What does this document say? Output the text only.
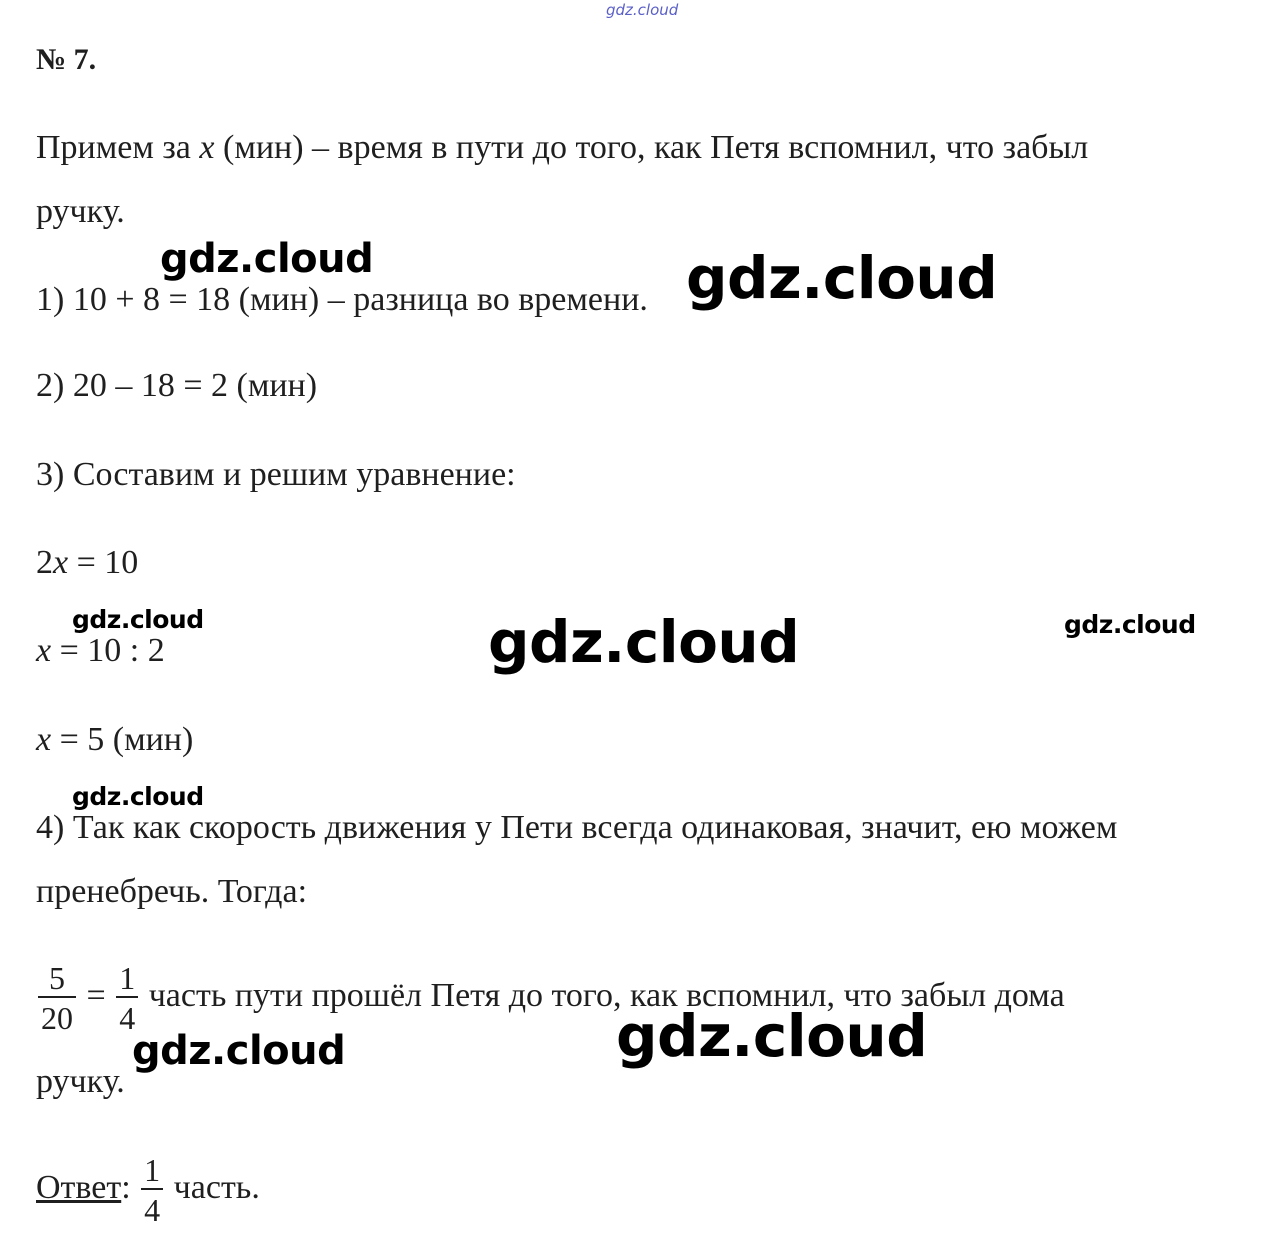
gdz.cloud
№ 7.
Примем за x (мин) – время в пути до того, как Петя вспомнил, что забыл
ручку.
1) 10 + 8 = 18 (мин) – разница во времени.
2) 20 – 18 = 2 (мин)
3) Составим и решим уравнение:
2x = 10
x = 10 : 2
x = 5 (мин)
4) Так как скорость движения у Пети всегда одинаковая, значит, ею можем
пренебречь. Тогда:
$\frac{5}{20} = \frac{1}{4}$ часть пути прошёл Петя до того, как вспомнил, что забыл дома
ручку.
Ответ: $\frac{1}{4}$ часть.
gdz.cloud	gdz.cloud
gdz.cloud	gdz.cloud	gdz.cloud
gdz.cloud
gdz.cloud
gdz.cloud
